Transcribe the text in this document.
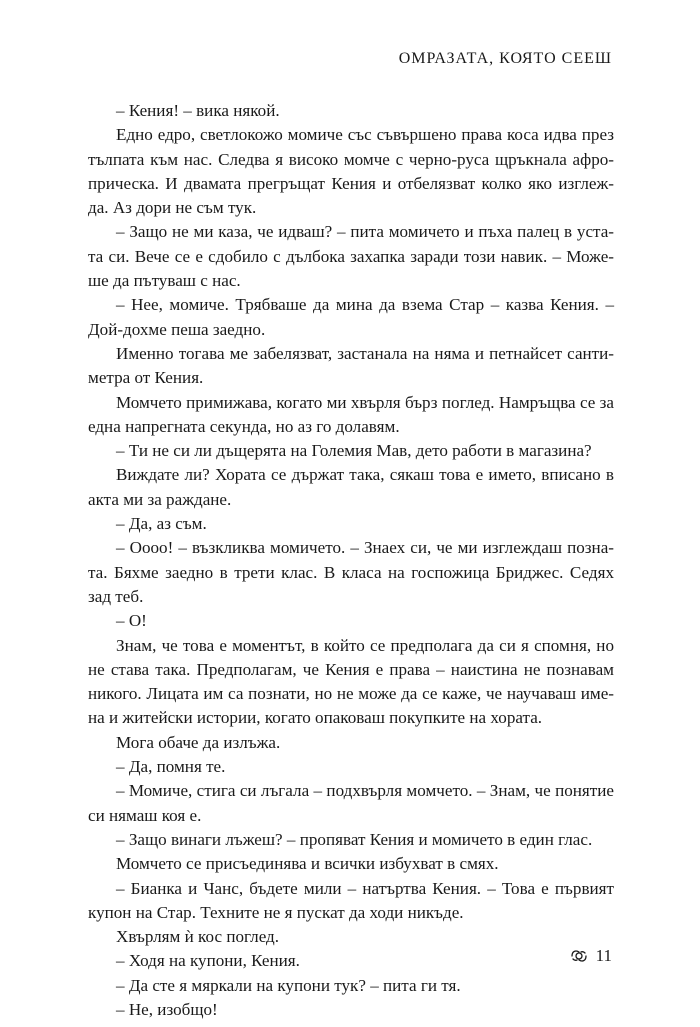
ОМРАЗАТА, КОЯТО СЕЕШ

– Кения! – вика някой.

Едно едро, светлокожо момиче със съвършено права коса идва през тълпата към нас. Следва я високо момче с черно-руса щръкнала афро-прическа. И двамата прегръщат Кения и отбелязват колко яко изглеж-да. Аз дори не съм тук.

– Защо не ми каза, че идваш? – пита момичето и пъха палец в уста-та си. Вече се е сдобило с дълбока захапка заради този навик. – Може-ше да пътуваш с нас.

– Нее, момиче. Трябваше да мина да взема Стар – казва Кения. – Дой-дохме пеша заедно.

Именно тогава ме забелязват, застанала на няма и петнайсет санти-метра от Кения.

Момчето примижава, когато ми хвърля бърз поглед. Намръщва се за една напрегната секунда, но аз го долавям.

– Ти не си ли дъщерята на Големия Мав, дето работи в магазина?

Виждате ли? Хората се държат така, сякаш това е името, вписано в акта ми за раждане.

– Да, аз съм.

– Оооо! – възкликва момичето. – Знаех си, че ми изглеждаш позна-та. Бяхме заедно в трети клас. В класа на госпожица Бриджес. Седях зад теб.

– О!

Знам, че това е моментът, в който се предполага да си я спомня, но не става така. Предполагам, че Кения е права – наистина не познавам никого. Лицата им са познати, но не може да се каже, че научаваш име-на и житейски истории, когато опаковаш покупките на хората.

Мога обаче да излъжа.

– Да, помня те.

– Момиче, стига си лъгала – подхвърля момчето. – Знам, че понятие си нямаш коя е.

– Защо винаги лъжеш? – пропяват Кения и момичето в един глас.

Момчето се присъединява и всички избухват в смях.

– Бианка и Чанс, бъдете мили – натъртва Кения. – Това е първият купон на Стар. Техните не я пускат да ходи никъде.

Хвърлям ѝ кос поглед.

– Ходя на купони, Кения.

– Да сте я мяркали на купони тук? – пита ги тя.

– Не, изобщо!

11
